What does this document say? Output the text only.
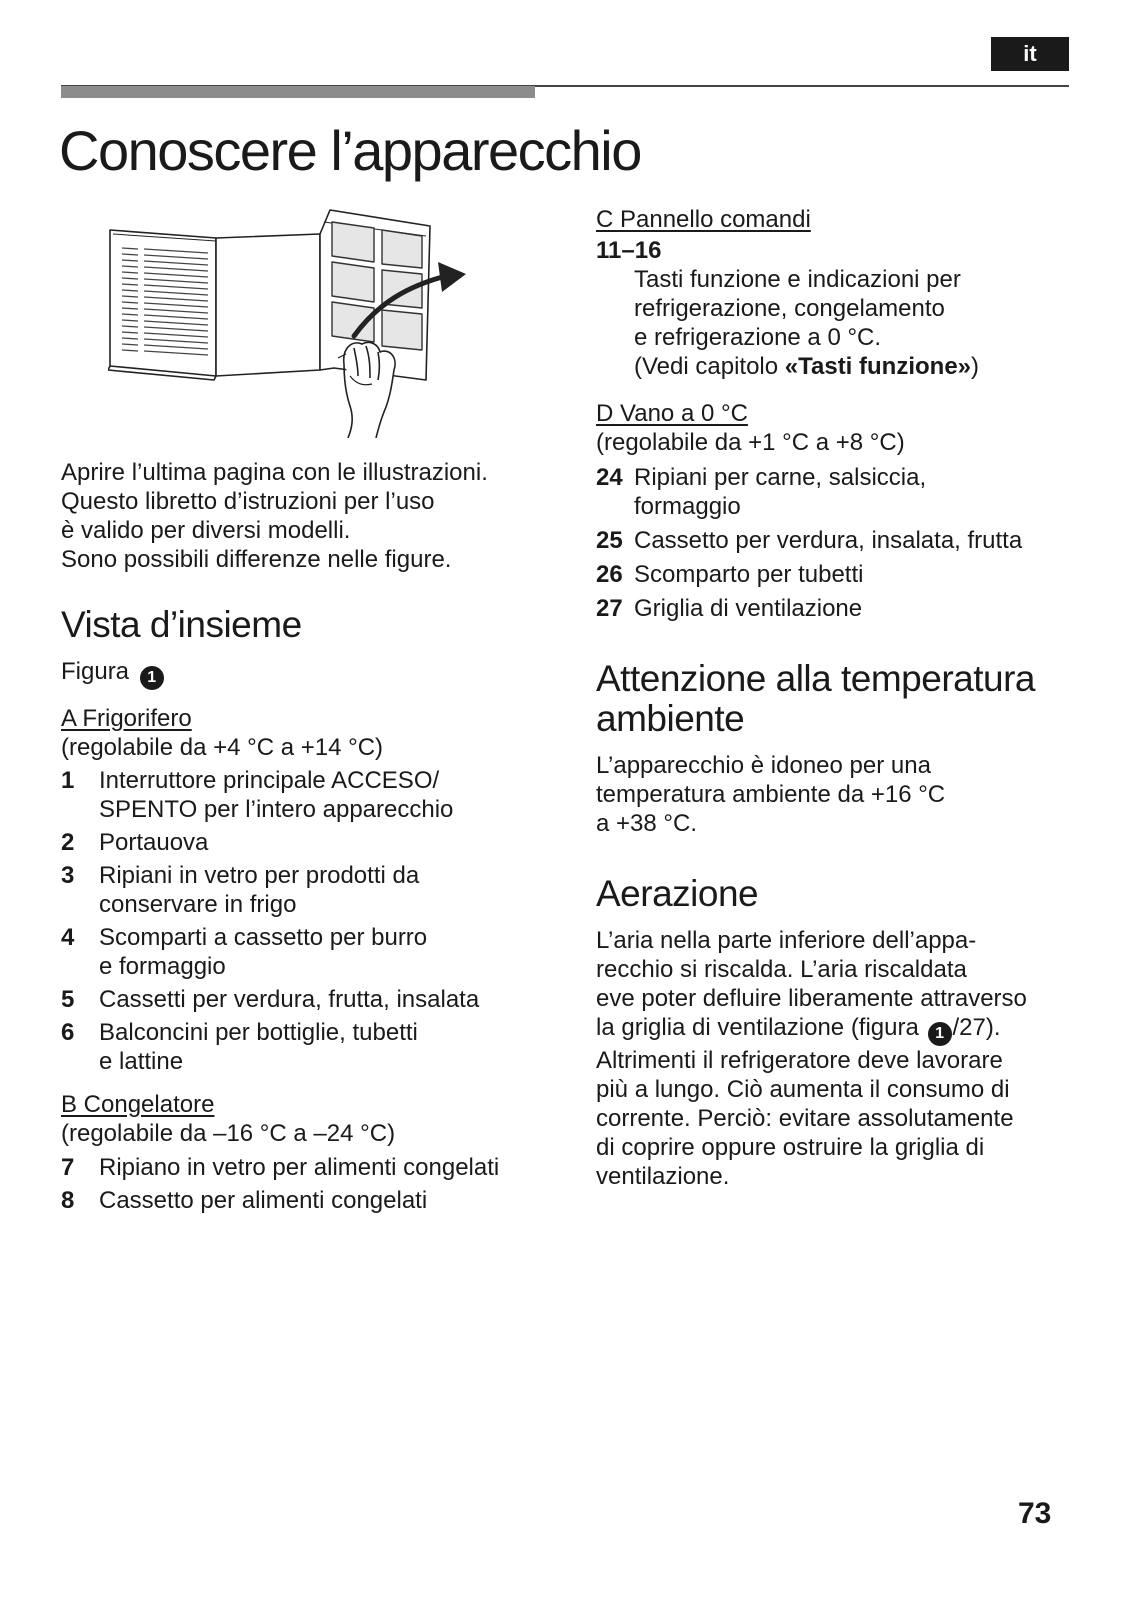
it
Conoscere l’apparecchio
Aprire l’ultima pagina con le illustrazioni.
Questo libretto d’istruzioni per l’uso
è valido per diversi modelli.
Sono possibili differenze nelle figure.
Vista d’insieme
Figura 1
A Frigorifero
(regolabile da +4 °C a +14 °C)
1	Interruttore principale ACCESO/
SPENTO per l’intero apparecchio
2	Portauova
3	Ripiani in vetro per prodotti da
conservare in frigo
4	Scomparti a cassetto per burro
e formaggio
5	Cassetti per verdura, frutta, insalata
6	Balconcini per bottiglie, tubetti
e lattine
B Congelatore
(regolabile da –16 °C a –24 °C)
7	Ripiano in vetro per alimenti congelati
8	Cassetto per alimenti congelati
C Pannello comandi
11–16
Tasti funzione e indicazioni per
refrigerazione, congelamento
e refrigerazione a 0 °C.
(Vedi capitolo «Tasti funzione»)
D Vano a 0 °C
(regolabile da +1 °C a +8 °C)
24 Ripiani per carne, salsiccia,
formaggio
25 Cassetto per verdura, insalata, frutta
26 Scomparto per tubetti
27 Griglia di ventilazione
Attenzione alla temperatura
ambiente
L’apparecchio è idoneo per una
temperatura ambiente da +16 °C
a +38 °C.
Aerazione
L’aria nella parte inferiore dell’appa-
recchio si riscalda. L’aria riscaldata
eve poter defluire liberamente attraverso
la griglia di ventilazione (figura 1 /27).
Altrimenti il refrigeratore deve lavorare
più a lungo. Ciò aumenta il consumo di
corrente. Perciò: evitare assolutamente
di coprire oppure ostruire la griglia di
ventilazione.
73
